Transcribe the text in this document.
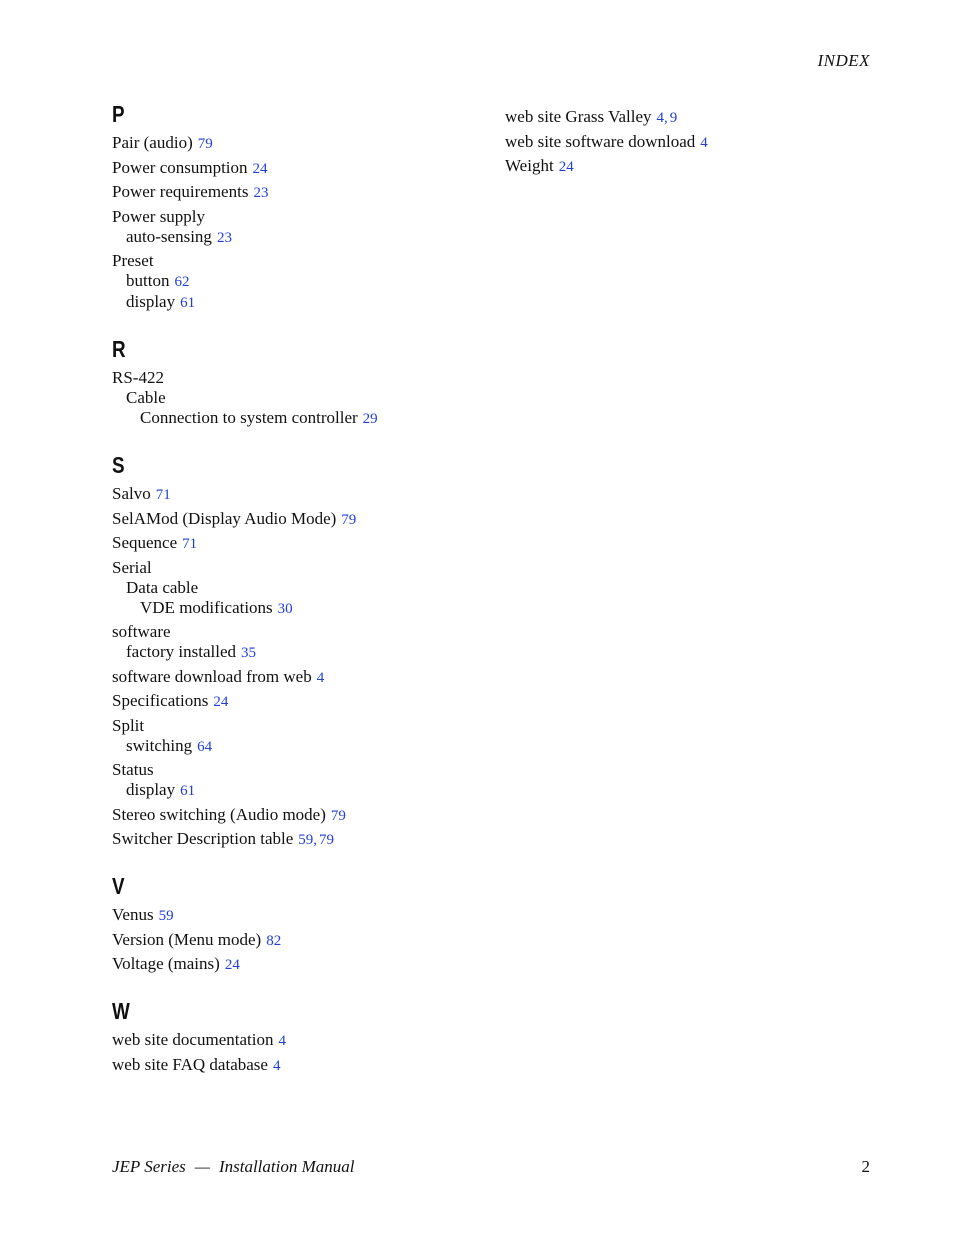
INDEX
P
Pair (audio) 79
Power consumption 24
Power requirements 23
Power supply
auto-sensing 23
Preset
button 62
display 61
R
RS-422
Cable
Connection to system controller 29
S
Salvo 71
SelAMod (Display Audio Mode) 79
Sequence 71
Serial
Data cable
VDE modifications 30
software
factory installed 35
software download from web 4
Specifications 24
Split
switching 64
Status
display 61
Stereo switching (Audio mode) 79
Switcher Description table 59, 79
V
Venus 59
Version (Menu mode) 82
Voltage (mains) 24
W
web site documentation 4
web site FAQ database 4
web site Grass Valley 4, 9
web site software download 4
Weight 24
JEP Series — Installation Manual	2
